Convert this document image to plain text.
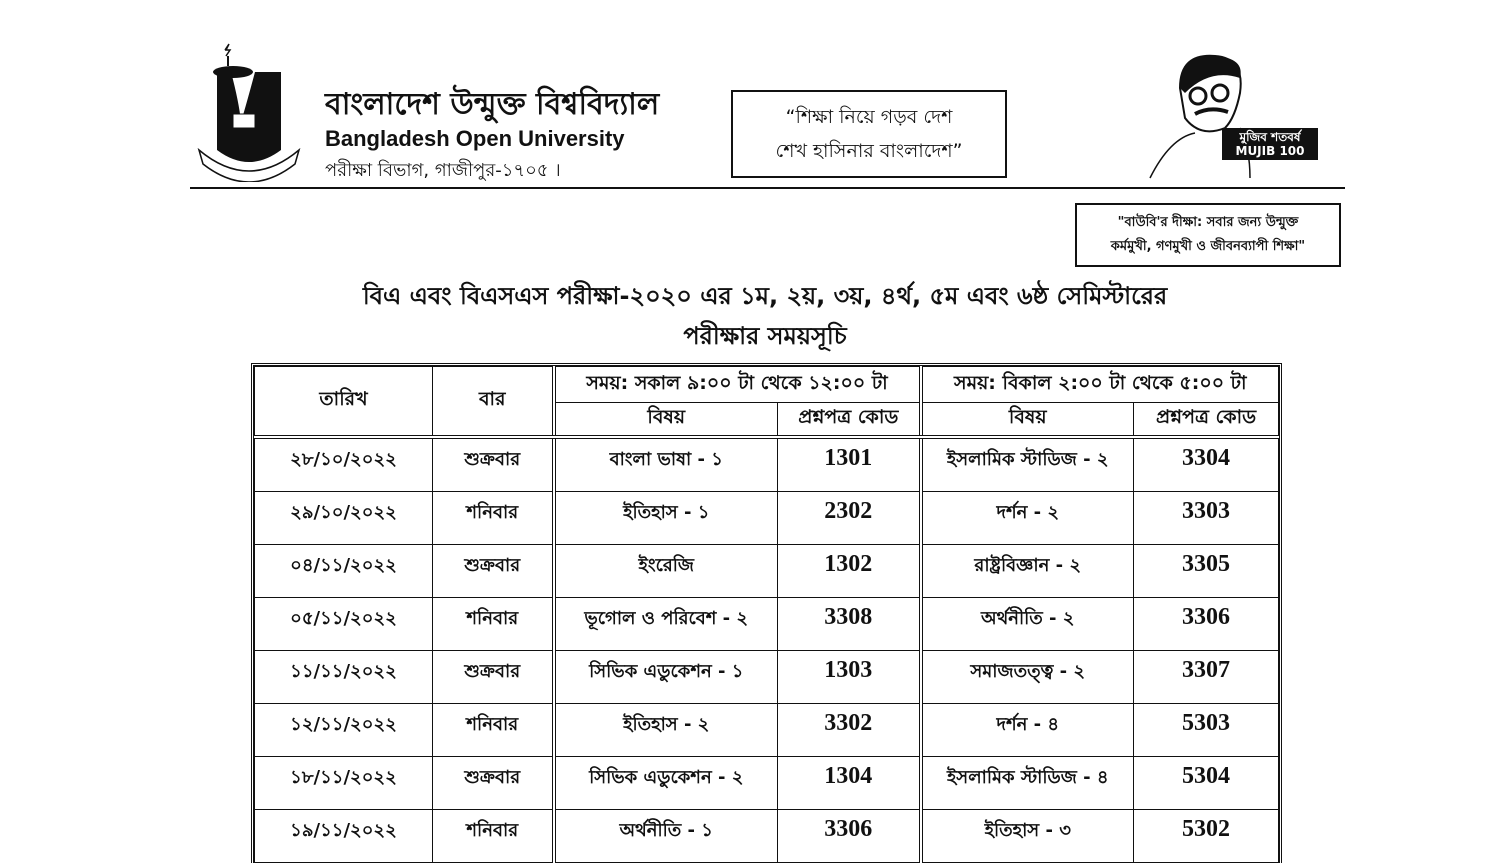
বাংলাদেশ উন্মুক্ত বিশ্ববিদ্যাল
Bangladesh Open University
পরীক্ষা বিভাগ, গাজীপুর-১৭০৫ ।
“শিক্ষা নিয়ে গড়ব দেশ
শেখ হাসিনার বাংলাদেশ”
মুজিব শতবর্ষ MUJIB 100
"বাউবি'র দীক্ষা: সবার জন্য উন্মুক্ত
কর্মমুখী, গণমুখী ও জীবনব্যাপী শিক্ষা"
বিএ এবং বিএসএস পরীক্ষা-২০২০ এর ১ম, ২য়, ৩য়, ৪র্থ, ৫ম এবং ৬ষ্ঠ সেমিস্টারের
পরীক্ষার সময়সূচি
তারিখ	বার	সময়: সকাল ৯:০০ টা থেকে ১২:০০ টা		সময়: বিকাল ২:০০ টা থেকে ৫:০০ টা	
		বিষয়	প্রশ্নপত্র কোড	বিষয়	প্রশ্নপত্র কোড
২৮/১০/২০২২	শুক্রবার	বাংলা ভাষা - ১	1301	ইসলামিক স্টাডিজ - ২	3304
২৯/১০/২০২২	শনিবার	ইতিহাস - ১	2302	দর্শন - ২	3303
০৪/১১/২০২২	শুক্রবার	ইংরেজি	1302	রাষ্ট্রবিজ্ঞান - ২	3305
০৫/১১/২০২২	শনিবার	ভূগোল ও পরিবেশ - ২	3308	অর্থনীতি - ২	3306
১১/১১/২০২২	শুক্রবার	সিভিক এডুকেশন - ১	1303	সমাজতত্ত্ব - ২	3307
১২/১১/২০২২	শনিবার	ইতিহাস - ২	3302	দর্শন - ৪	5303
১৮/১১/২০২২	শুক্রবার	সিভিক এডুকেশন - ২	1304	ইসলামিক স্টাডিজ - ৪	5304
১৯/১১/২০২২	শনিবার	অর্থনীতি - ১	3306	ইতিহাস - ৩	5302
